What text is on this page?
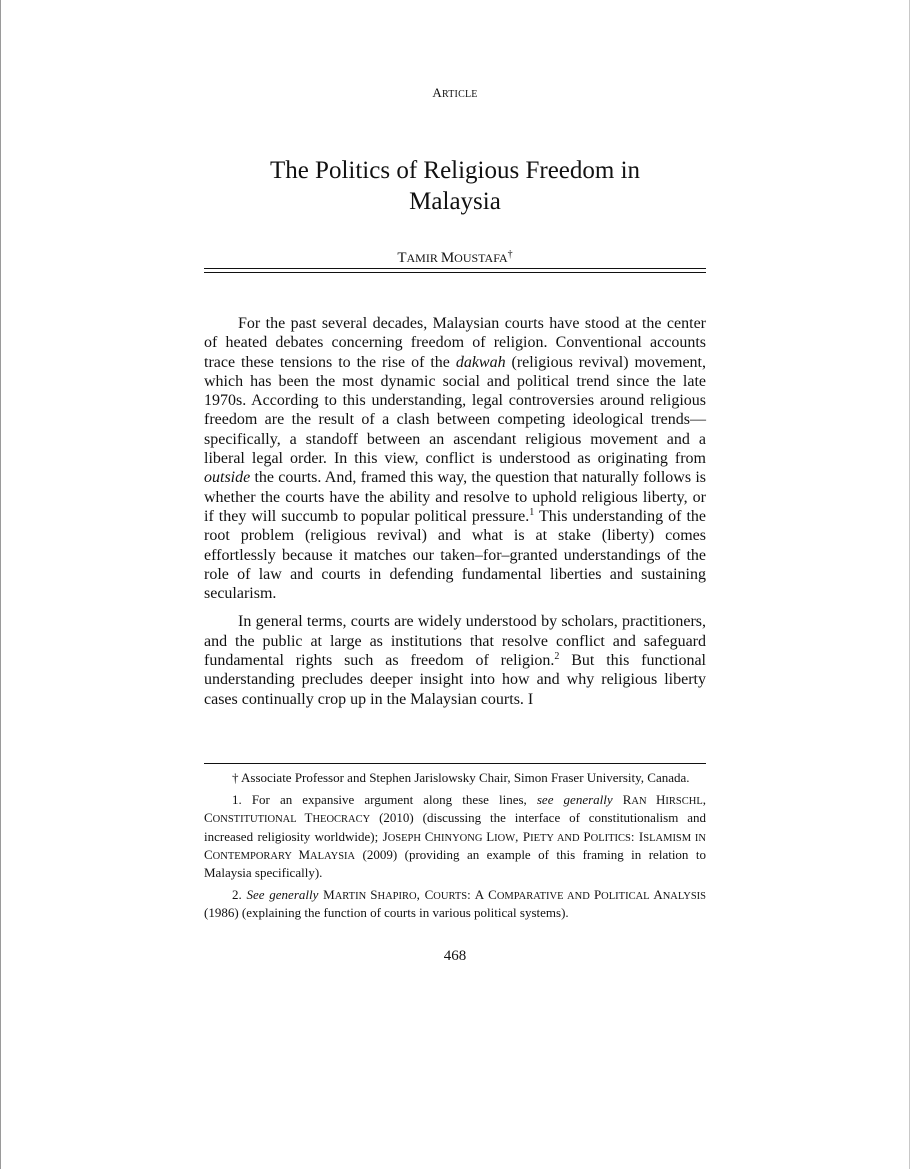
ARTICLE
The Politics of Religious Freedom in
Malaysia
TAMIR MOUSTAFA†

For the past several decades, Malaysian courts have stood at the center of heated debates concerning freedom of religion. Conventional accounts trace these tensions to the rise of the dakwah (religious revival) movement, which has been the most dynamic social and political trend since the late 1970s. According to this understanding, legal controversies around religious freedom are the result of a clash between competing ideological trends—specifically, a standoff between an ascendant religious movement and a liberal legal order. In this view, conflict is understood as originating from outside the courts. And, framed this way, the question that naturally follows is whether the courts have the ability and resolve to uphold religious liberty, or if they will succumb to popular political pressure.$^1$ This understanding of the root problem (religious revival) and what is at stake (liberty) comes effortlessly because it matches our taken–for–granted understandings of the role of law and courts in defending fundamental liberties and sustaining secularism.

In general terms, courts are widely understood by scholars, practitioners, and the public at large as institutions that resolve conflict and safeguard fundamental rights such as freedom of religion.$^2$ But this functional understanding precludes deeper insight into how and why religious liberty cases continually crop up in the Malaysian courts. I

† Associate Professor and Stephen Jarislowsky Chair, Simon Fraser University, Canada.

1. For an expansive argument along these lines, see generally RAN HIRSCHL, CONSTITUTIONAL THEOCRACY (2010) (discussing the interface of constitutionalism and increased religiosity worldwide); JOSEPH CHINYONG LIOW, PIETY AND POLITICS: ISLAMISM IN CONTEMPORARY MALAYSIA (2009) (providing an example of this framing in relation to Malaysia specifically).

2. See generally MARTIN SHAPIRO, COURTS: A COMPARATIVE AND POLITICAL ANALYSIS (1986) (explaining the function of courts in various political systems).

468
